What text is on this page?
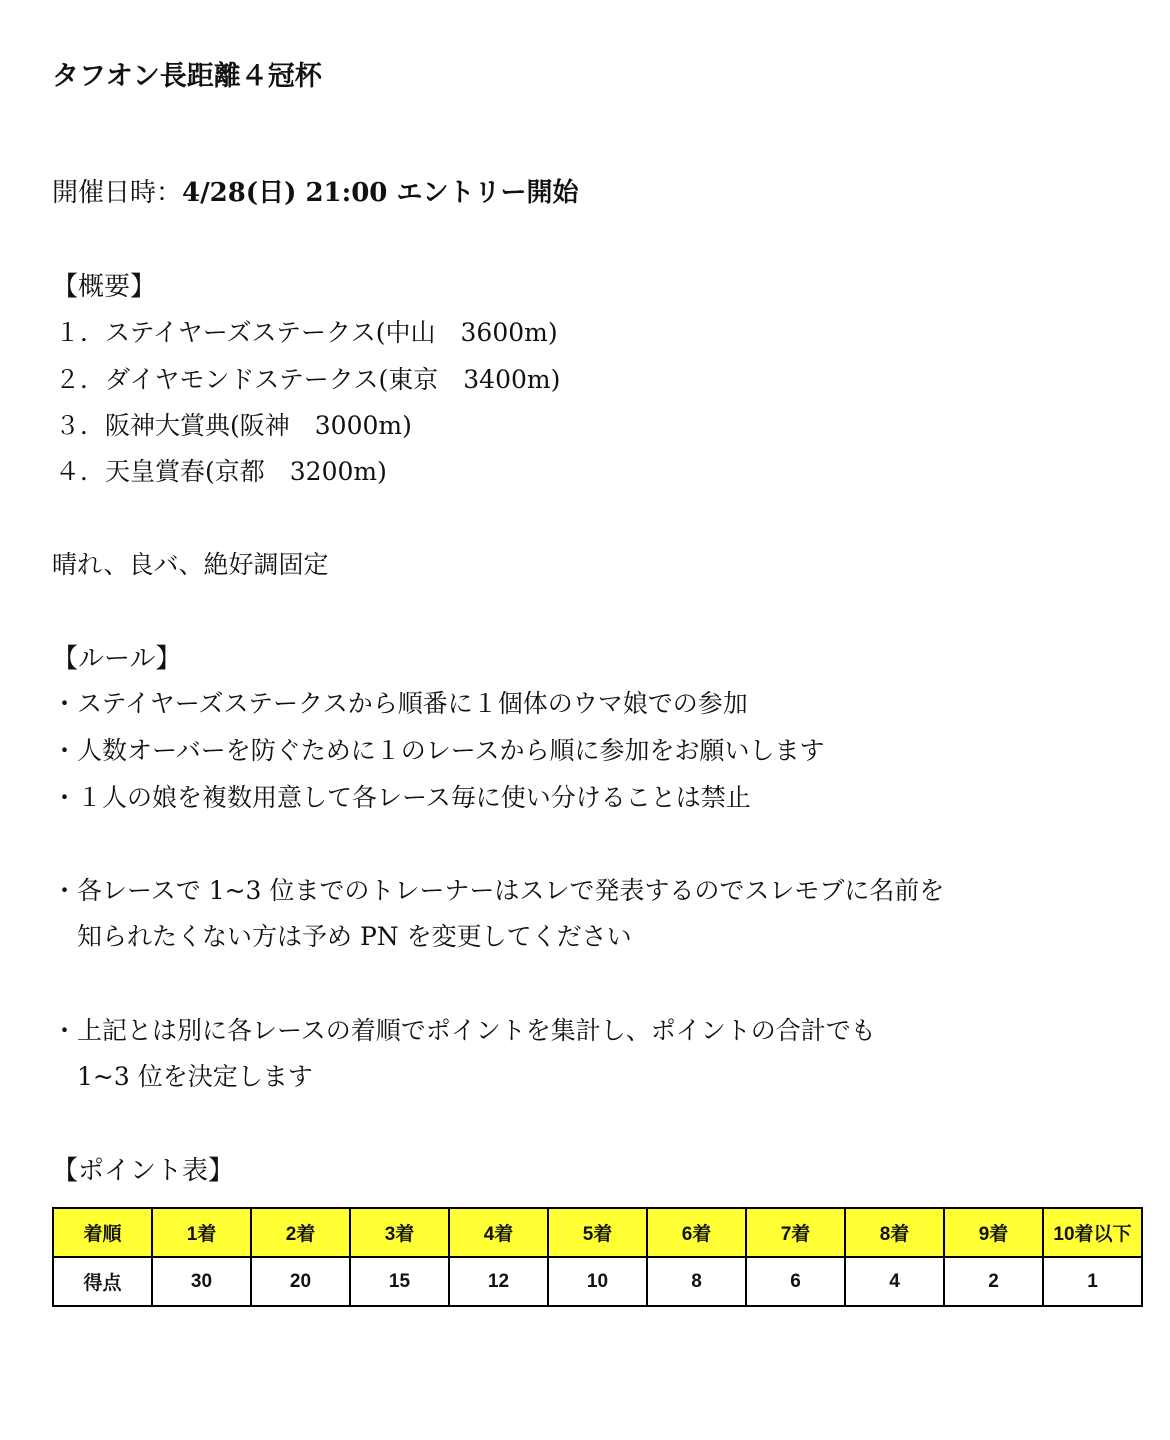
タフオン長距離４冠杯
開催日時：4/28(日) 21:00 エントリー開始
【概要】
１．ステイヤーズステークス(中山　3600m)
２．ダイヤモンドステークス(東京　3400m)
３．阪神大賞典(阪神　3000m)
４．天皇賞春(京都　3200m)
晴れ、良バ、絶好調固定
【ルール】
・ステイヤーズステークスから順番に１個体のウマ娘での参加
・人数オーバーを防ぐために１のレースから順に参加をお願いします
・１人の娘を複数用意して各レース毎に使い分けることは禁止
・各レースで 1~3 位までのトレーナーはスレで発表するのでスレモブに名前を
　知られたくない方は予め PN を変更してください
・上記とは別に各レースの着順でポイントを集計し、ポイントの合計でも
　1~3 位を決定します
【ポイント表】
着順	1着	2着	3着	4着	5着	6着	7着	8着	9着	10着以下
得点	30	20	15	12	10	8	6	4	2	1
